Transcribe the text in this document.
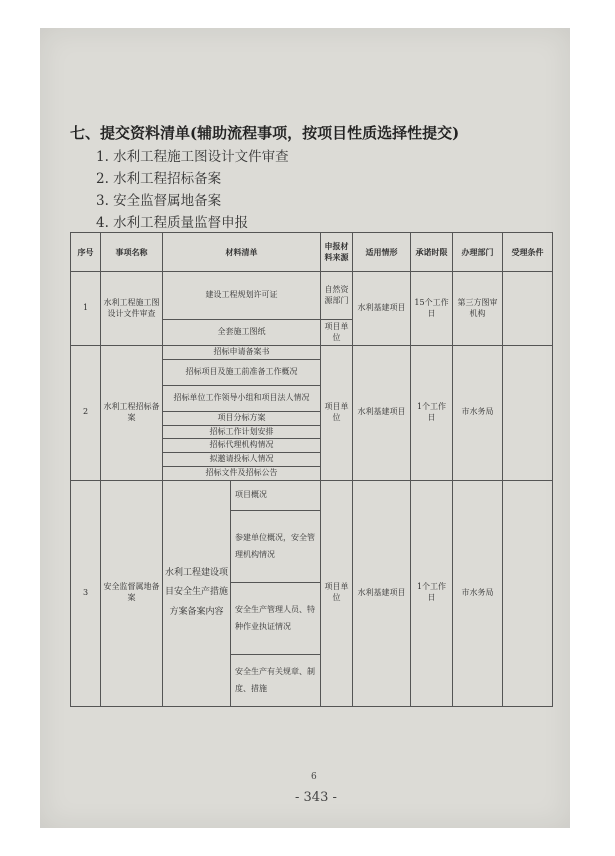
七、提交资料清单(辅助流程事项，按项目性质选择性提交)
1. 水利工程施工图设计文件审查
2. 水利工程招标备案
3. 安全监督属地备案
4. 水利工程质量监督申报
序号	事项名称	材料清单		申报材料来源	适用情形	承诺时限	办理部门	受理条件
1	水利工程施工图设计文件审查	建设工程规划许可证		自然资源部门	水利基建项目	15个工作日	第三方图审机构	
		全套施工图纸		项目单位				
2	水利工程招标备案	招标申请备案书		项目单位	水利基建项目	1个工作日	市水务局	
		招标项目及施工前准备工作概况						
		招标单位工作领导小组和项目法人情况						
		项目分标方案						
		招标工作计划安排						
		招标代理机构情况						
		拟邀请投标人情况						
		招标文件及招标公告						
3	安全监督属地备案	水利工程建设项目安全生产措施方案备案内容	项目概况	项目单位	水利基建项目	1个工作日	市水务局	
			参建单位概况，安全管理机构情况					
			安全生产管理人员、特种作业执证情况					
			安全生产有关规章、制度、措施					
6
- 343 -
